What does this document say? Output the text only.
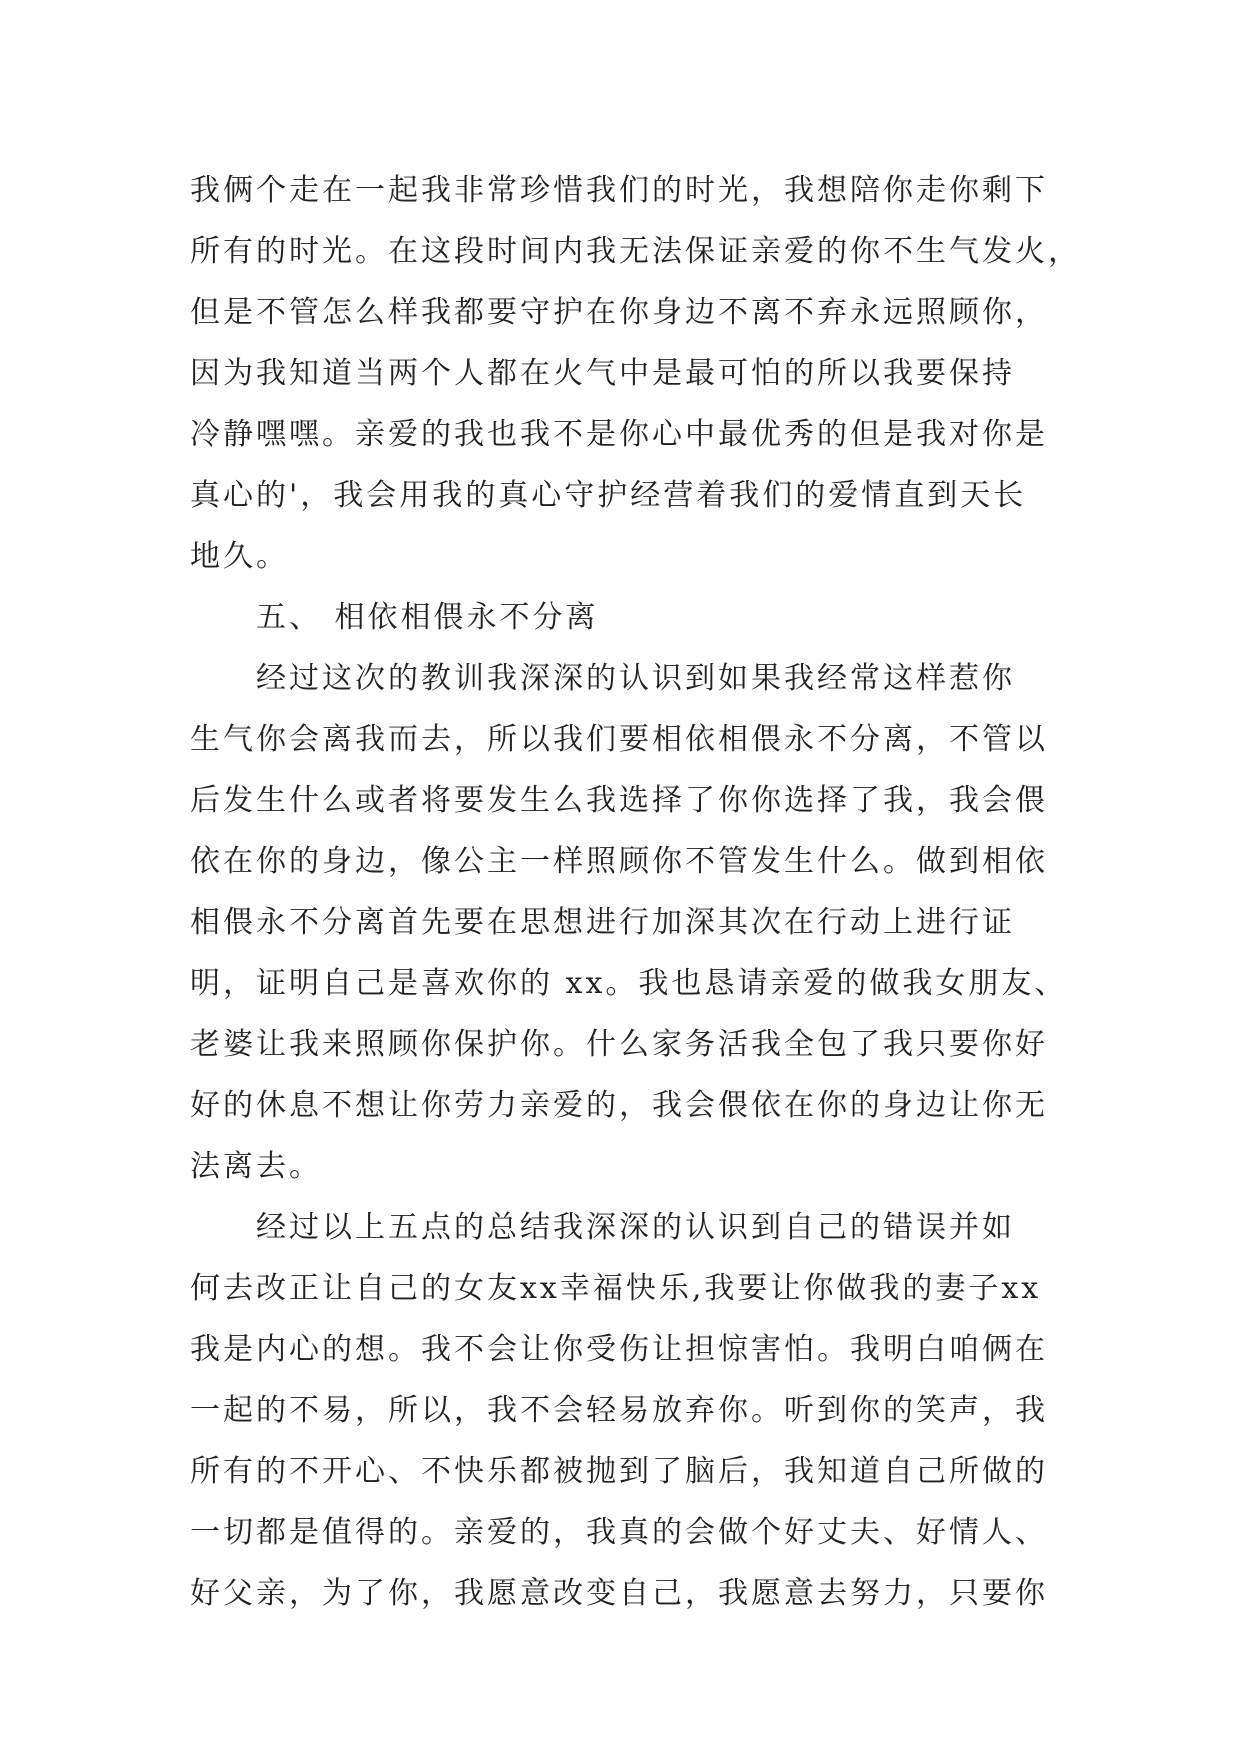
我俩个走在一起我非常珍惜我们的时光，我想陪你走你剩下
所有的时光。在这段时间内我无法保证亲爱的你不生气发火，
但是不管怎么样我都要守护在你身边不离不弃永远照顾你，
因为我知道当两个人都在火气中是最可怕的所以我要保持
冷静嘿嘿。亲爱的我也我不是你心中最优秀的但是我对你是
真心的'，我会用我的真心守护经营着我们的爱情直到天长
地久。
五、 相依相偎永不分离
经过这次的教训我深深的认识到如果我经常这样惹你
生气你会离我而去，所以我们要相依相偎永不分离，不管以
后发生什么或者将要发生么我选择了你你选择了我，我会偎
依在你的身边，像公主一样照顾你不管发生什么。做到相依
相偎永不分离首先要在思想进行加深其次在行动上进行证
明，证明自己是喜欢你的 xx。我也恳请亲爱的做我女朋友、
老婆让我来照顾你保护你。什么家务活我全包了我只要你好
好的休息不想让你劳力亲爱的，我会偎依在你的身边让你无
法离去。
经过以上五点的总结我深深的认识到自己的错误并如
何去改正让自己的女友xx幸福快乐,我要让你做我的妻子xx
我是内心的想。我不会让你受伤让担惊害怕。我明白咱俩在
一起的不易，所以，我不会轻易放弃你。听到你的笑声，我
所有的不开心、不快乐都被抛到了脑后，我知道自己所做的
一切都是值得的。亲爱的，我真的会做个好丈夫、好情人、
好父亲，为了你，我愿意改变自己，我愿意去努力，只要你
